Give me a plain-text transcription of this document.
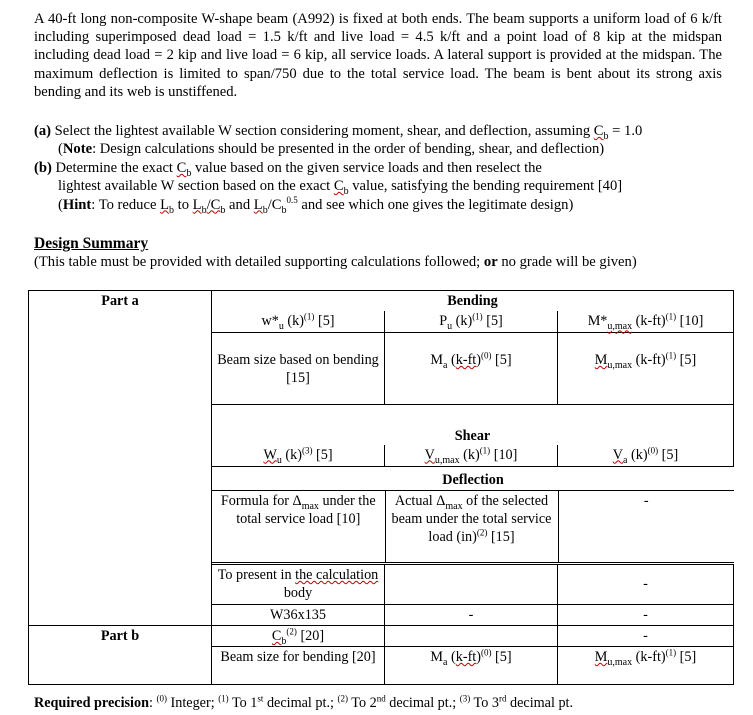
A 40-ft long non-composite W-shape beam (A992) is fixed at both ends. The beam supports a uniform load of 6 k/ft including superimposed dead load = 1.5 k/ft and live load = 4.5 k/ft and a point load of 8 kip at the midspan including dead load = 2 kip and live load = 6 kip, all service loads. A lateral support is provided at the midspan. The maximum deflection is limited to span/750 due to the total service load. The beam is bent about its strong axis bending and its web is unstiffened.

(a) Select the lightest available W section considering moment, shear, and deflection, assuming $C_b = 1.0$
(Note: Design calculations should be presented in the order of bending, shear, and deflection)
(b) Determine the exact $C_b$ value based on the given service loads and then reselect the
lightest available W section based on the exact $C_b$ value, satisfying the bending requirement [40]
(Hint: To reduce $L_b$ to $L_b/C_b$ and $L_b/C_b^{0.5}$ and see which one gives the legitimate design)
Design Summary
(This table must be provided with detailed supporting calculations followed; or no grade will be given)
Part a	Bending
$w*_u$ $(k)^{(1)}$ [5]	$P_u$ $(k)^{(1)}$ [5]	$M*_{u,max}$ $(k-ft)^{(1)}$ [10]
Beam size based on bending [15]	$M_a$ $(k-ft)^{(0)}$ [5]	$M_{u,max}$ $(k-ft)^{(1)}$ [5]
Shear
$W_u$ $(k)^{(3)}$ [5]	$V_{u,max}$ $(k)^{(1)}$ [10]	$V_a$ $(k)^{(0)}$ [5]

Deflection
Formula for $\Delta_{max}$ under the total service load [10]	Actual $\Delta_{max}$ of the selected beam under the total service load (in)$^{(2)}$ [15]	-

To present in the calculation body		-
W36x135	-	-
Part b	$C_b^{(2)}$ [20]		-
Beam size for bending [20]	$M_a$ $(k-ft)^{(0)}$ [5]	$M_{u,max}$ $(k-ft)^{(1)}$ [5]
Required precision: $^{(0)}$ Integer; $^{(1)}$ To 1st decimal pt.; $^{(2)}$ To 2nd decimal pt.; $^{(3)}$ To 3rd decimal pt.
